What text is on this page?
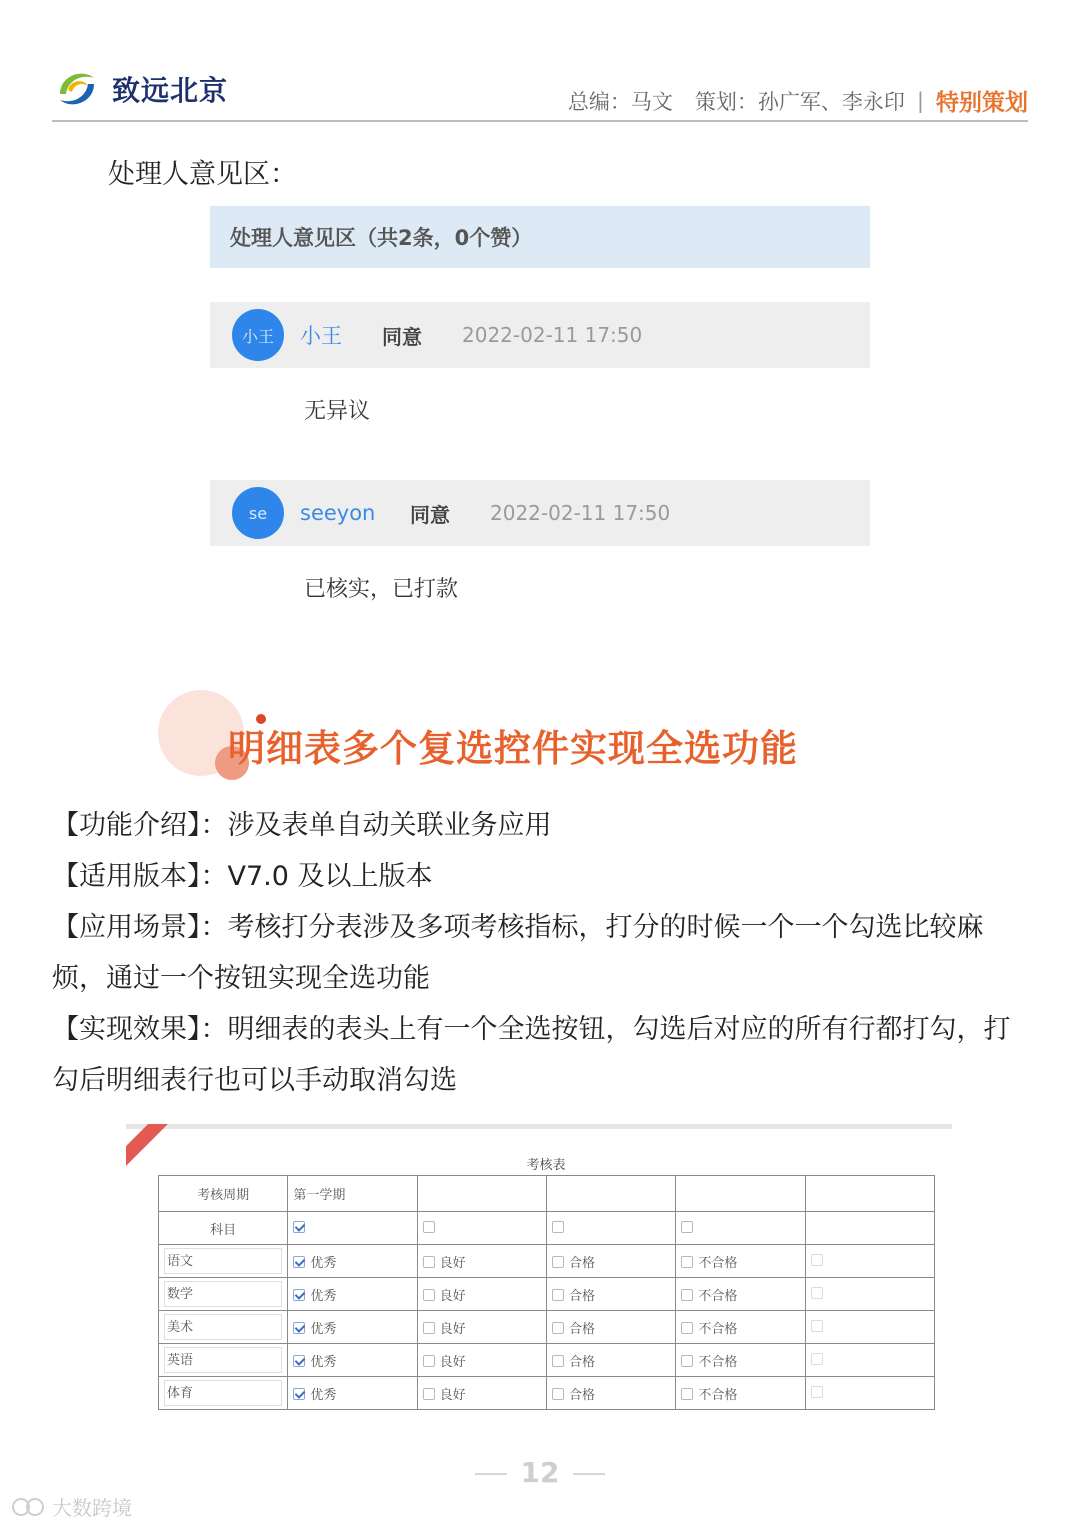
致远北京	总编：马文 策划：孙广军、李永印 | 特别策划
处理人意见区：
处理人意见区（共2条，0个赞）
小王	小王	同意	2022-02-11 17:50
无异议
se	seeyon	同意	2022-02-11 17:50
已核实，已打款
明细表多个复选控件实现全选功能

【功能介绍】：涉及表单自动关联业务应用

【适用版本】：V7.0 及以上版本

【应用场景】：考核打分表涉及多项考核指标，打分的时候一个一个勾选比较麻烦，通过一个按钮实现全选功能

【实现效果】：明细表的表头上有一个全选按钮，勾选后对应的所有行都打勾，打勾后明细表行也可以手动取消勾选

考核表
考核周期	第一学期				
科目					

语文	优秀	良好	合格	不合格	

数学	优秀	良好	合格	不合格	

美术	优秀	良好	合格	不合格	

英语	优秀	良好	合格	不合格	

体育	优秀	良好	合格	不合格	
12
大数跨境
